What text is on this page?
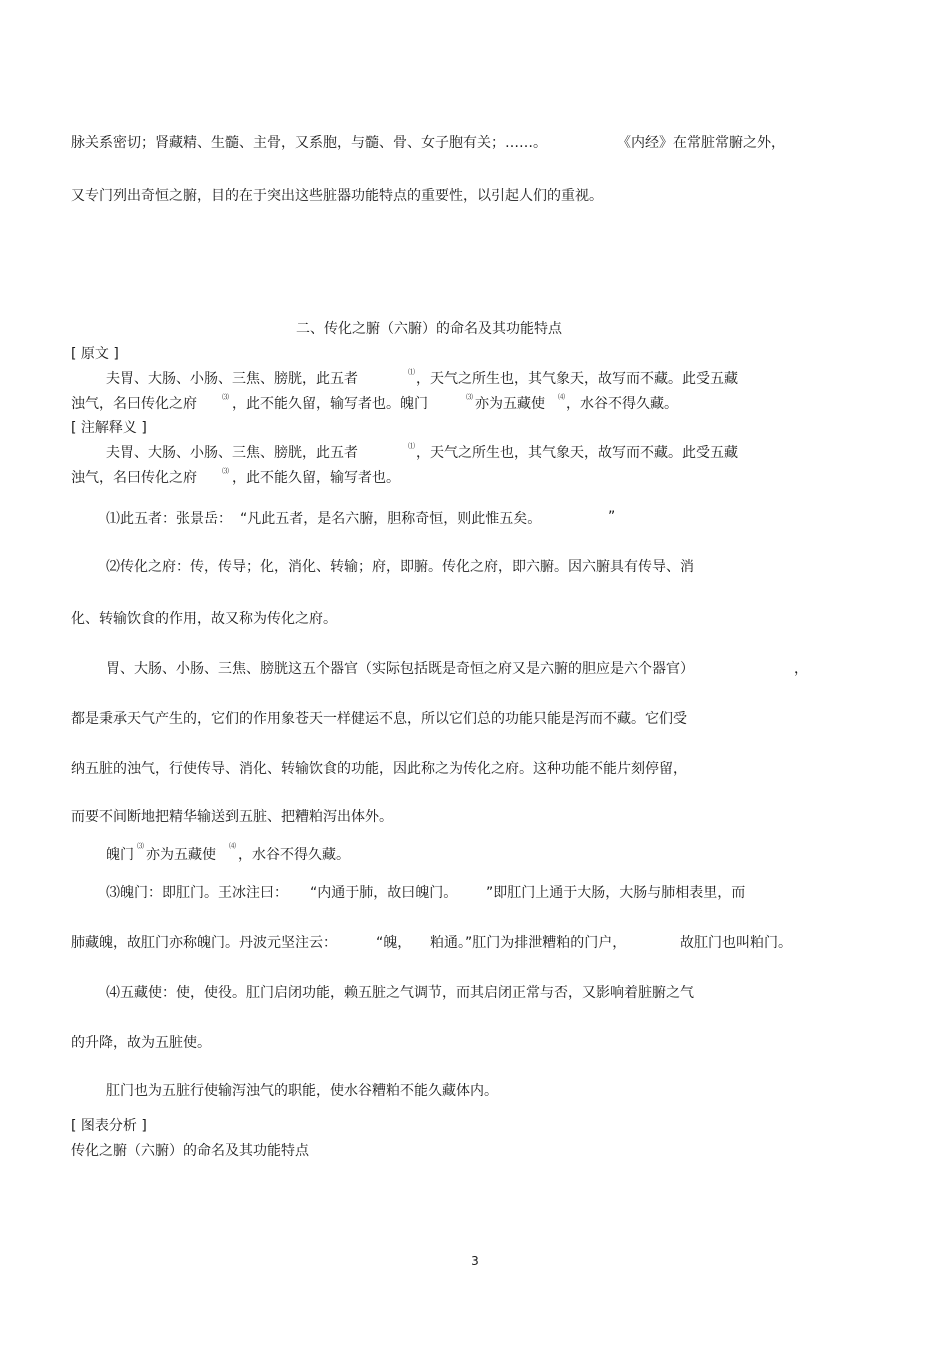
脉关系密切；肾藏精、生髓、主骨，又系胞，与髓、骨、女子胞有关；……。	《内经》在常脏常腑之外，
又专门列出奇恒之腑，目的在于突出这些脏器功能特点的重要性，以引起人们的重视。
二、传化之腑（六腑）的命名及其功能特点
[ 原文 ]
夫胃、大肠、小肠、三焦、膀胱，此五者	⑴ ，天气之所生也，其气象天，故写而不藏。此受五藏
浊气，名曰传化之府	⑶ ，此不能久留，输写者也。魄门	⑶ 亦为五藏使 ⑷ ，水谷不得久藏。
[ 注解释义 ]
夫胃、大肠、小肠、三焦、膀胱，此五者	⑴ ，天气之所生也，其气象天，故写而不藏。此受五藏
浊气，名曰传化之府	⑶ ，此不能久留，输写者也。
⑴此五者：张景岳： “凡此五者，是名六腑，胆称奇恒，则此惟五矣。	”
⑵传化之府：传，传导；化，消化、转输；府，即腑。传化之府，即六腑。因六腑具有传导、消
化、转输饮食的作用，故又称为传化之府。
胃、大肠、小肠、三焦、膀胱这五个器官（实际包括既是奇恒之府又是六腑的胆应是六个器官）	，
都是秉承天气产生的，它们的作用象苍天一样健运不息，所以它们总的功能只能是泻而不藏。它们受
纳五脏的浊气，行使传导、消化、转输饮食的功能，因此称之为传化之府。这种功能不能片刻停留，
而要不间断地把精华输送到五脏、把糟粕泻出体外。
魄门
⑶
亦为五藏使
⑷
，水谷不得久藏。
⑶魄门：即肛门。王冰注曰： “内通于肺，故曰魄门。 ”即肛门上通于大肠，大肠与肺相表里，而
肺藏魄，故肛门亦称魄门。丹波元坚注云：	“魄， 粕通。”肛门为排泄糟粕的门户，	故肛门也叫粕门。
⑷五藏使：使，使役。肛门启闭功能，赖五脏之气调节，而其启闭正常与否，又影响着脏腑之气
的升降，故为五脏使。
肛门也为五脏行使输泻浊气的职能，使水谷糟粕不能久藏体内。
[ 图表分析 ]
传化之腑（六腑）的命名及其功能特点
3
